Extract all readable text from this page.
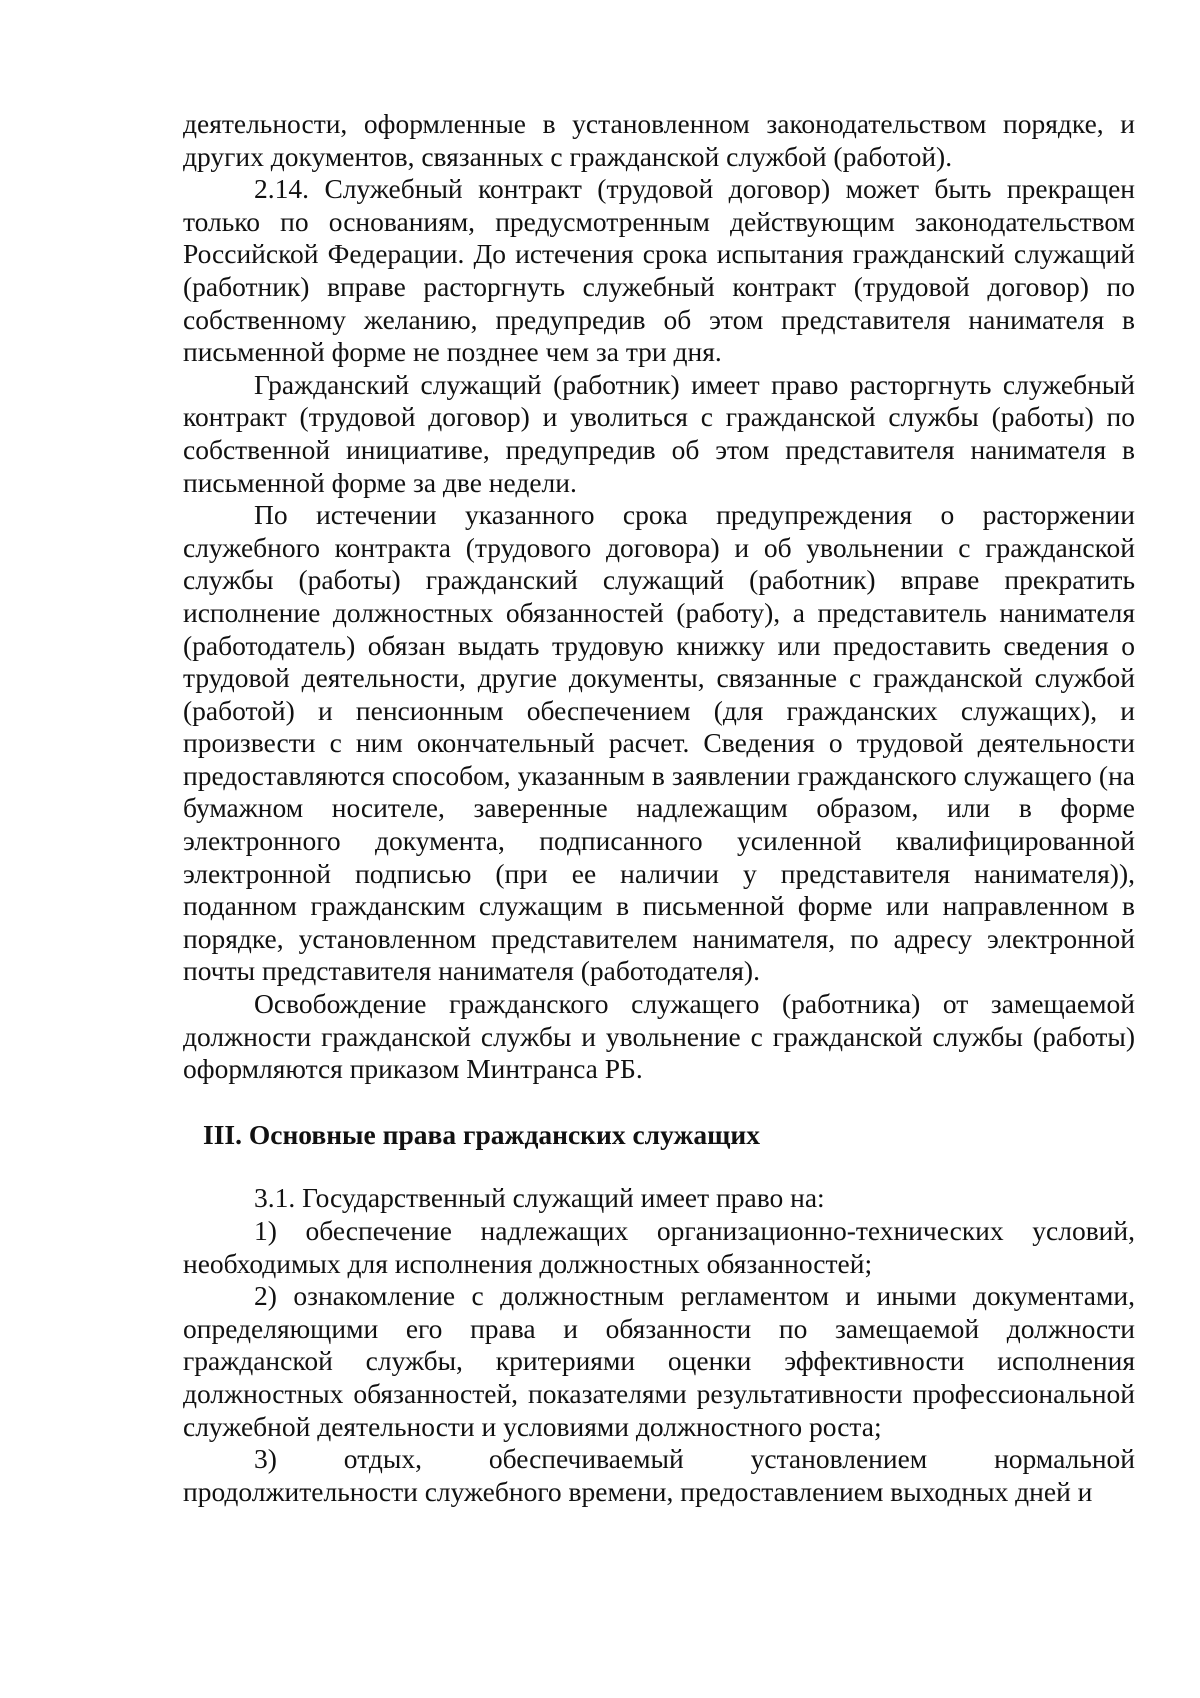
деятельности, оформленные в установленном законодательством порядке, и других документов, связанных с гражданской службой (работой).

2.14. Служебный контракт (трудовой договор) может быть прекращен только по основаниям, предусмотренным действующим законодательством Российской Федерации. До истечения срока испытания гражданский служащий (работник) вправе расторгнуть служебный контракт (трудовой договор) по собственному желанию, предупредив об этом представителя нанимателя в письменной форме не позднее чем за три дня.

Гражданский служащий (работник) имеет право расторгнуть служебный контракт (трудовой договор) и уволиться с гражданской службы (работы) по собственной инициативе, предупредив об этом представителя нанимателя в письменной форме за две недели.

По истечении указанного срока предупреждения о расторжении служебного контракта (трудового договора) и об увольнении с гражданской службы (работы) гражданский служащий (работник) вправе прекратить исполнение должностных обязанностей (работу), а представитель нанимателя (работодатель) обязан выдать трудовую книжку или предоставить сведения о трудовой деятельности, другие документы, связанные с гражданской службой (работой) и пенсионным обеспечением (для гражданских служащих), и произвести с ним окончательный расчет. Сведения о трудовой деятельности предоставляются способом, указанным в заявлении гражданского служащего (на бумажном носителе, заверенные надлежащим образом, или в форме электронного документа, подписанного усиленной квалифицированной электронной подписью (при ее наличии у представителя нанимателя)), поданном гражданским служащим в письменной форме или направленном в порядке, установленном представителем нанимателя, по адресу электронной почты представителя нанимателя (работодателя).

Освобождение гражданского служащего (работника) от замещаемой должности гражданской службы и увольнение с гражданской службы (работы) оформляются приказом Минтранса РБ.

III. Основные права гражданских служащих

3.1. Государственный служащий имеет право на:

1) обеспечение надлежащих организационно-технических условий, необходимых для исполнения должностных обязанностей;

2) ознакомление с должностным регламентом и иными документами, определяющими его права и обязанности по замещаемой должности гражданской службы, критериями оценки эффективности исполнения должностных обязанностей, показателями результативности профессиональной служебной деятельности и условиями должностного роста;

3) отдых, обеспечиваемый установлением нормальной продолжительности служебного времени, предоставлением выходных дней и
